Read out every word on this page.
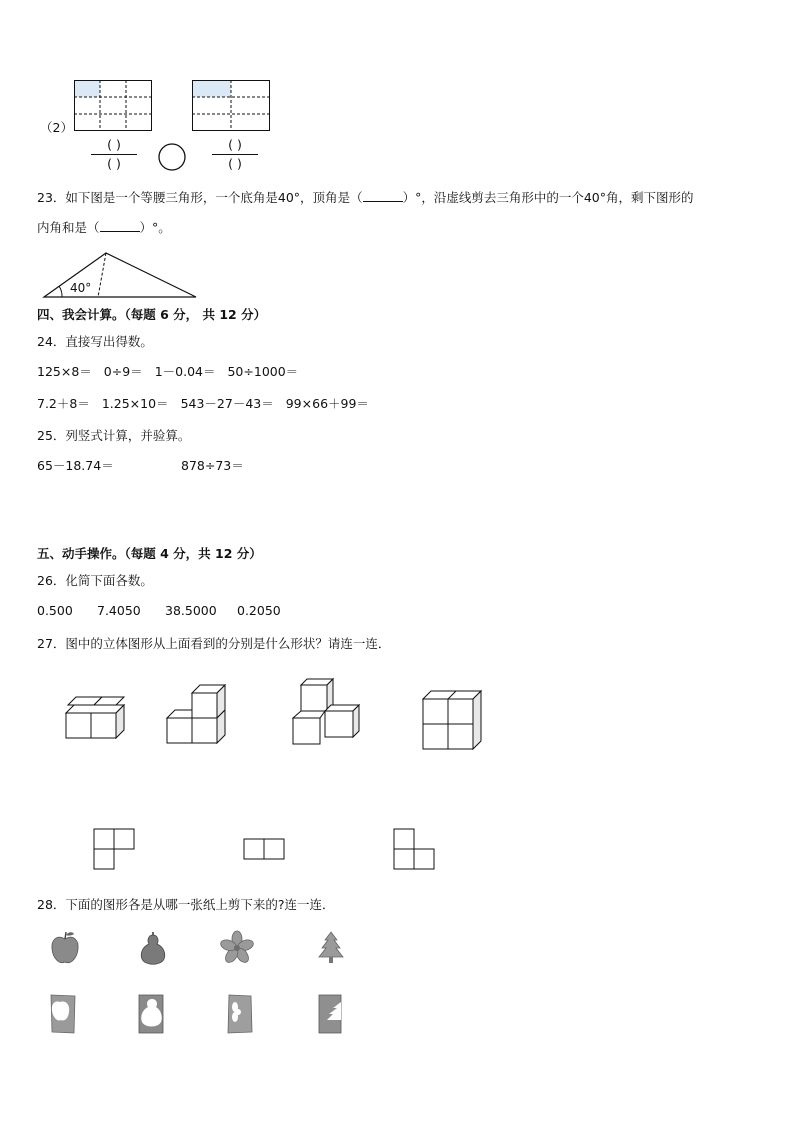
（2）
( )
( )
( )
( )
23．如下图是一个等腰三角形，一个底角是40°，顶角是（	）°，沿虚线剪去三角形中的一个40°角，剩下图形的
内角和是（	）°。
40°
四、我会计算。（每题 6 分， 共 12 分）
24．直接写出得数。
125×8＝ 0÷9＝ 1－0.04＝ 50÷1000＝
7.2＋8＝ 1.25×10＝ 543－27－43＝ 99×66＋99＝
25．列竖式计算，并验算。
65－18.74＝	878÷73＝
五、动手操作。（每题 4 分，共 12 分）
26．化简下面各数。
0.500 7.4050 38.5000 0.2050
27．图中的立体图形从上面看到的分别是什么形状？请连一连．
28．下面的图形各是从哪一张纸上剪下来的?连一连．
